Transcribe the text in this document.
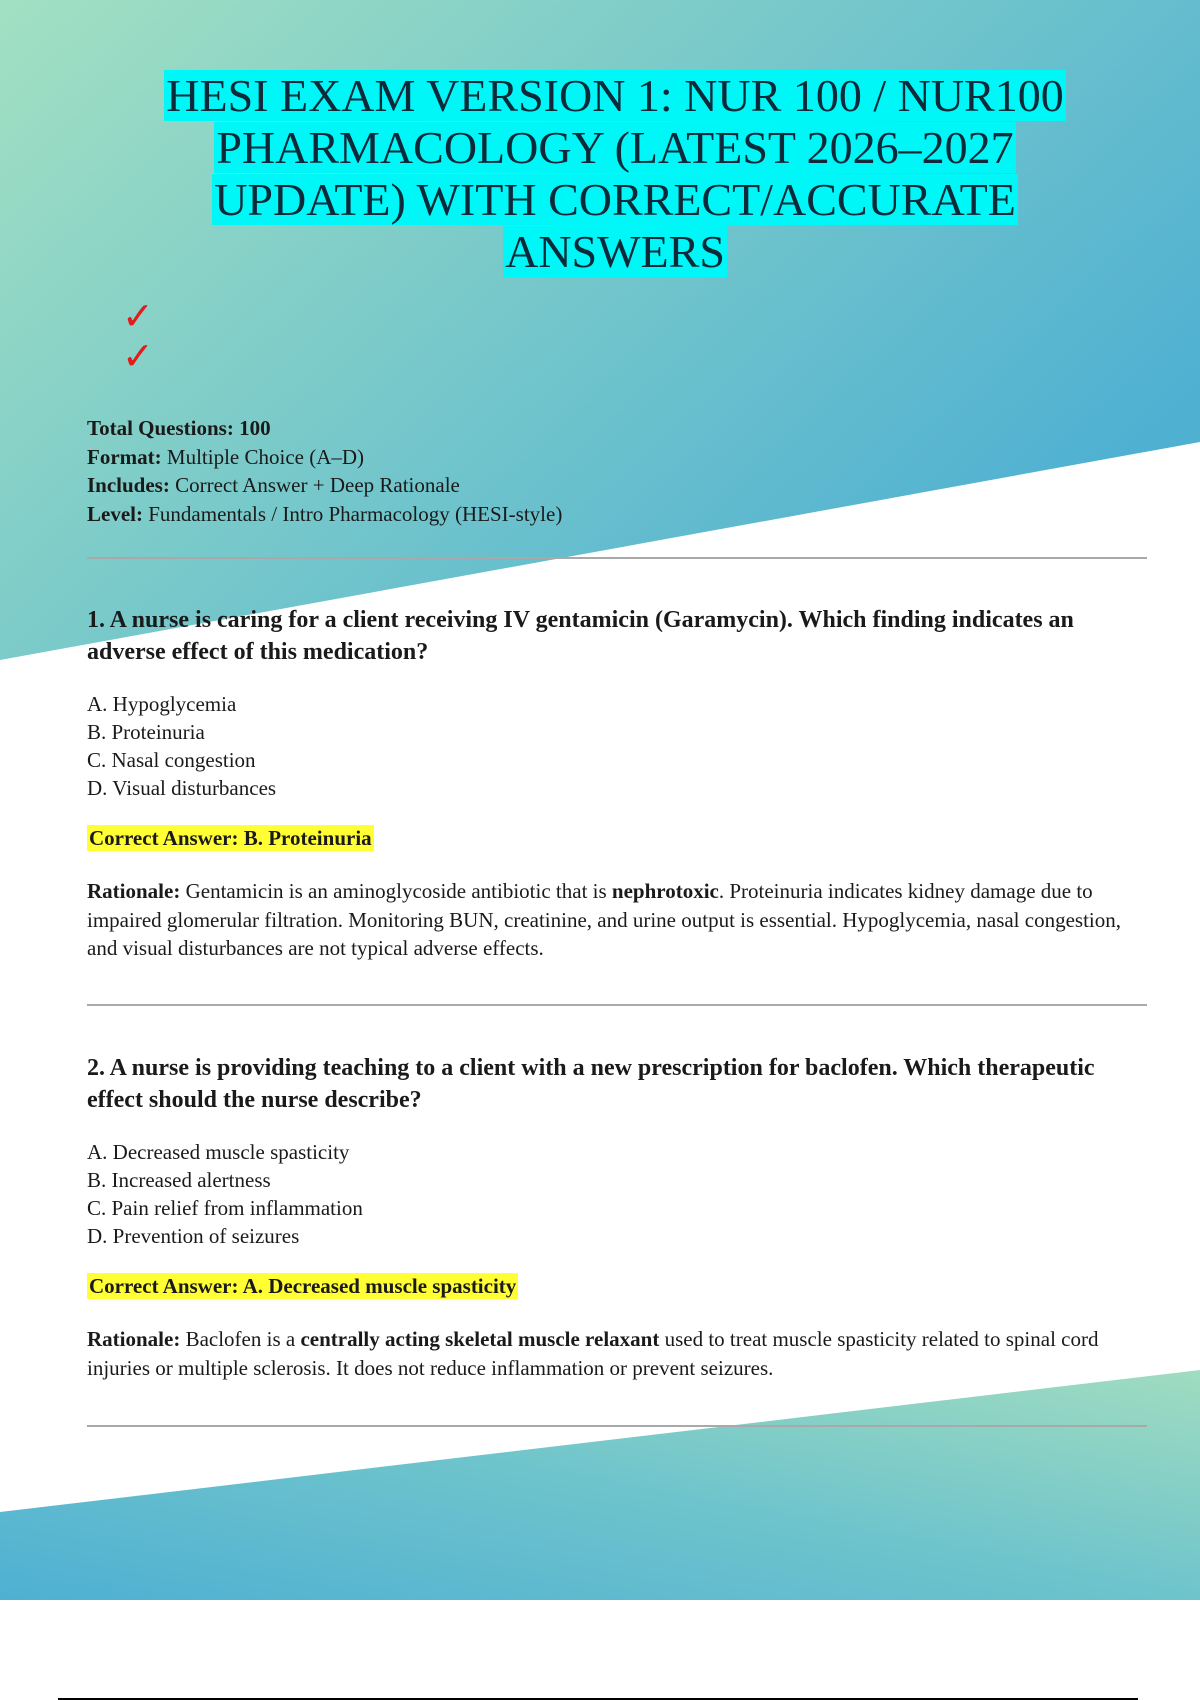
HESI EXAM VERSION 1: NUR 100 / NUR100
PHARMACOLOGY (LATEST 2026–2027
UPDATE) WITH CORRECT/ACCURATE
ANSWERS
✓
✓
Total Questions: 100
Format: Multiple Choice (A–D)
Includes: Correct Answer + Deep Rationale
Level: Fundamentals / Intro Pharmacology (HESI-style)

1. A nurse is caring for a client receiving IV gentamicin (Garamycin). Which finding indicates an adverse effect of this medication?

A. Hypoglycemia
B. Proteinuria
C. Nasal congestion
D. Visual disturbances
Correct Answer: B. Proteinuria
Rationale: Gentamicin is an aminoglycoside antibiotic that is nephrotoxic. Proteinuria indicates kidney damage due to impaired glomerular filtration. Monitoring BUN, creatinine, and urine output is essential. Hypoglycemia, nasal congestion, and visual disturbances are not typical adverse effects.

2. A nurse is providing teaching to a client with a new prescription for baclofen. Which therapeutic effect should the nurse describe?

A. Decreased muscle spasticity
B. Increased alertness
C. Pain relief from inflammation
D. Prevention of seizures
Correct Answer: A. Decreased muscle spasticity
Rationale: Baclofen is a centrally acting skeletal muscle relaxant used to treat muscle spasticity related to spinal cord injuries or multiple sclerosis. It does not reduce inflammation or prevent seizures.
